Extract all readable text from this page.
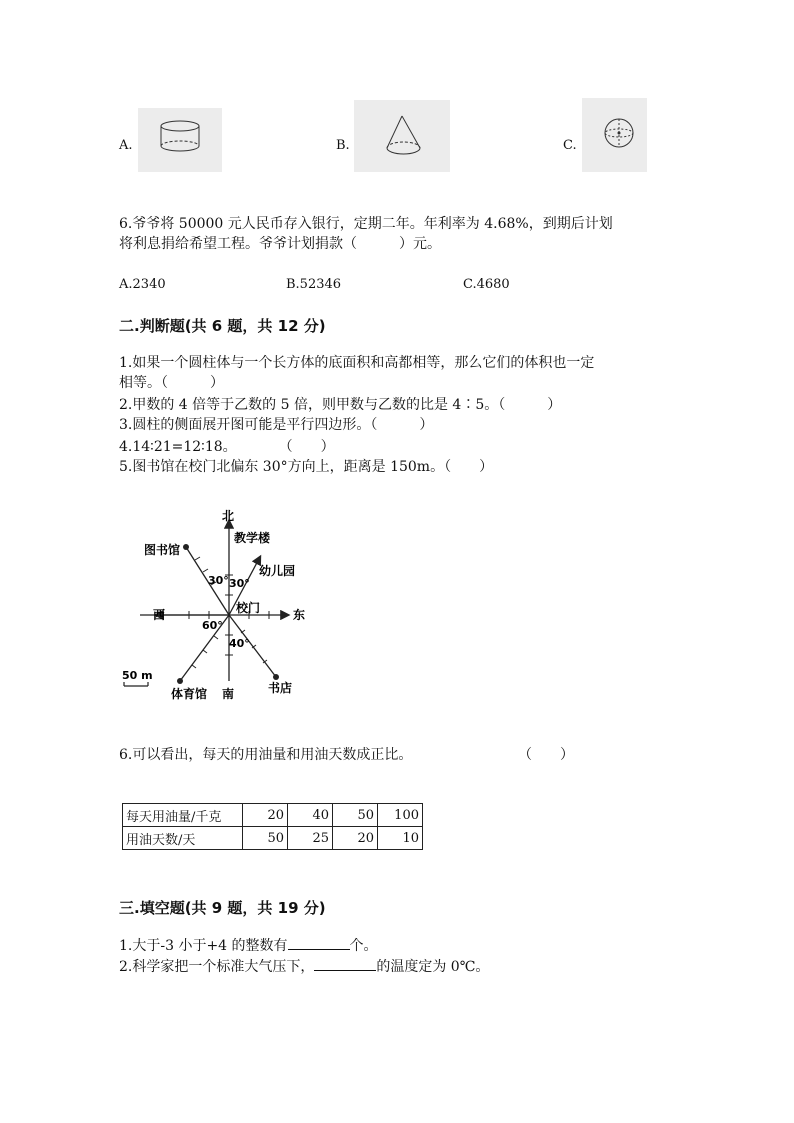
A.	B.	C.
6.爷爷将 50000 元人民币存入银行，定期二年。年利率为 4.68%，到期后计划
将利息捐给希望工程。爷爷计划捐款（　　　）元。
A.2340	B.52346	C.4680
二.判断题(共 6 题，共 12 分)
1.如果一个圆柱体与一个长方体的底面积和高都相等，那么它们的体积也一定
相等。（　　　）
2.甲数的 4 倍等于乙数的 5 倍，则甲数与乙数的比是 4∶5。（　　　）
3.圆柱的侧面展开图可能是平行四边形。（　　　）
4.14∶21=12∶18。　　　　（　　）
5.图书馆在校门北偏东 30°方向上，距离是 150m。（　　）
北
南
东
西	校门
图书馆
教学楼
幼儿园
体育馆	书店
30° 30°
60°
40°
50 m
6.可以看出，每天的用油量和用油天数成正比。	（　　）
每天用油量/千克	20	40	50	100
用油天数/天	50	25	20	10
三.填空题(共 9 题，共 19 分)
1.大于-3 小于+4 的整数有	个。
2.科学家把一个标准大气压下，	的温度定为 0℃。
